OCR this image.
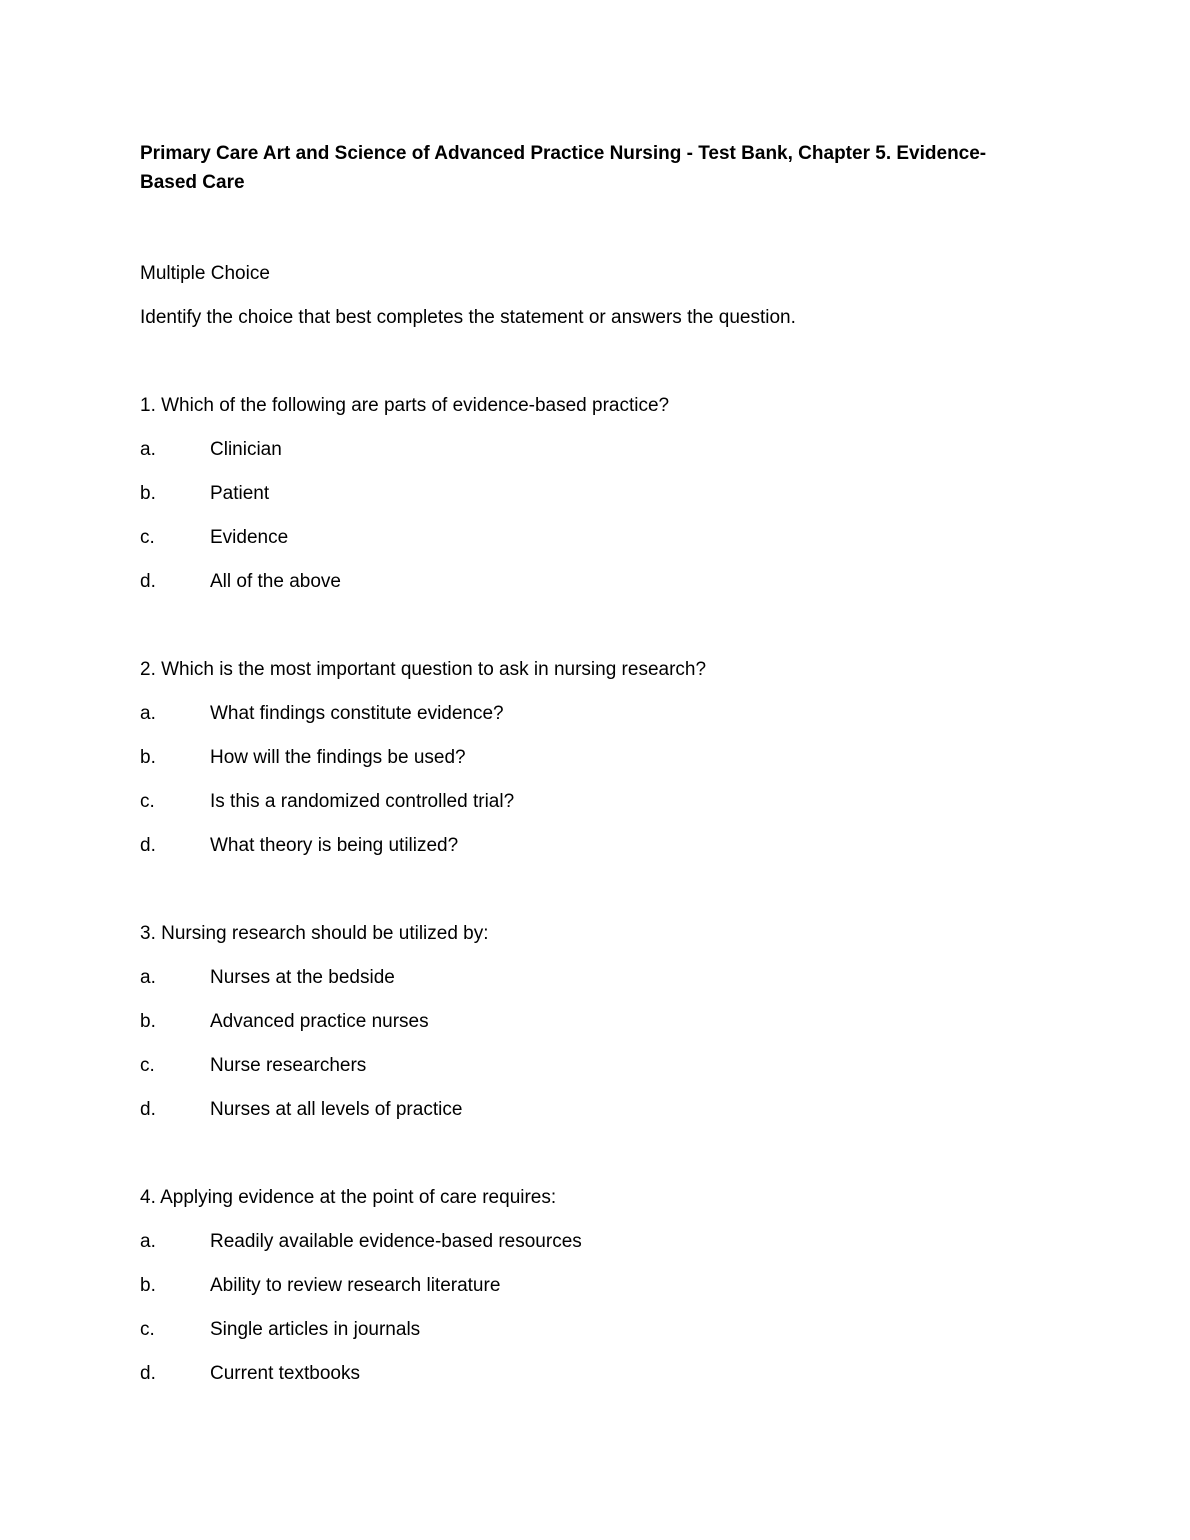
Primary Care Art and Science of Advanced Practice Nursing - Test Bank, Chapter 5. Evidence-Based Care

Multiple Choice

Identify the choice that best completes the statement or answers the question.

1. Which of the following are parts of evidence-based practice?

a.	Clinician
b.	Patient
c.	Evidence
d.	All of the above

2. Which is the most important question to ask in nursing research?

a.	What findings constitute evidence?
b.	How will the findings be used?
c.	Is this a randomized controlled trial?
d.	What theory is being utilized?

3. Nursing research should be utilized by:

a.	Nurses at the bedside
b.	Advanced practice nurses
c.	Nurse researchers
d.	Nurses at all levels of practice

4. Applying evidence at the point of care requires:

a.	Readily available evidence-based resources
b.	Ability to review research literature
c.	Single articles in journals
d.	Current textbooks
